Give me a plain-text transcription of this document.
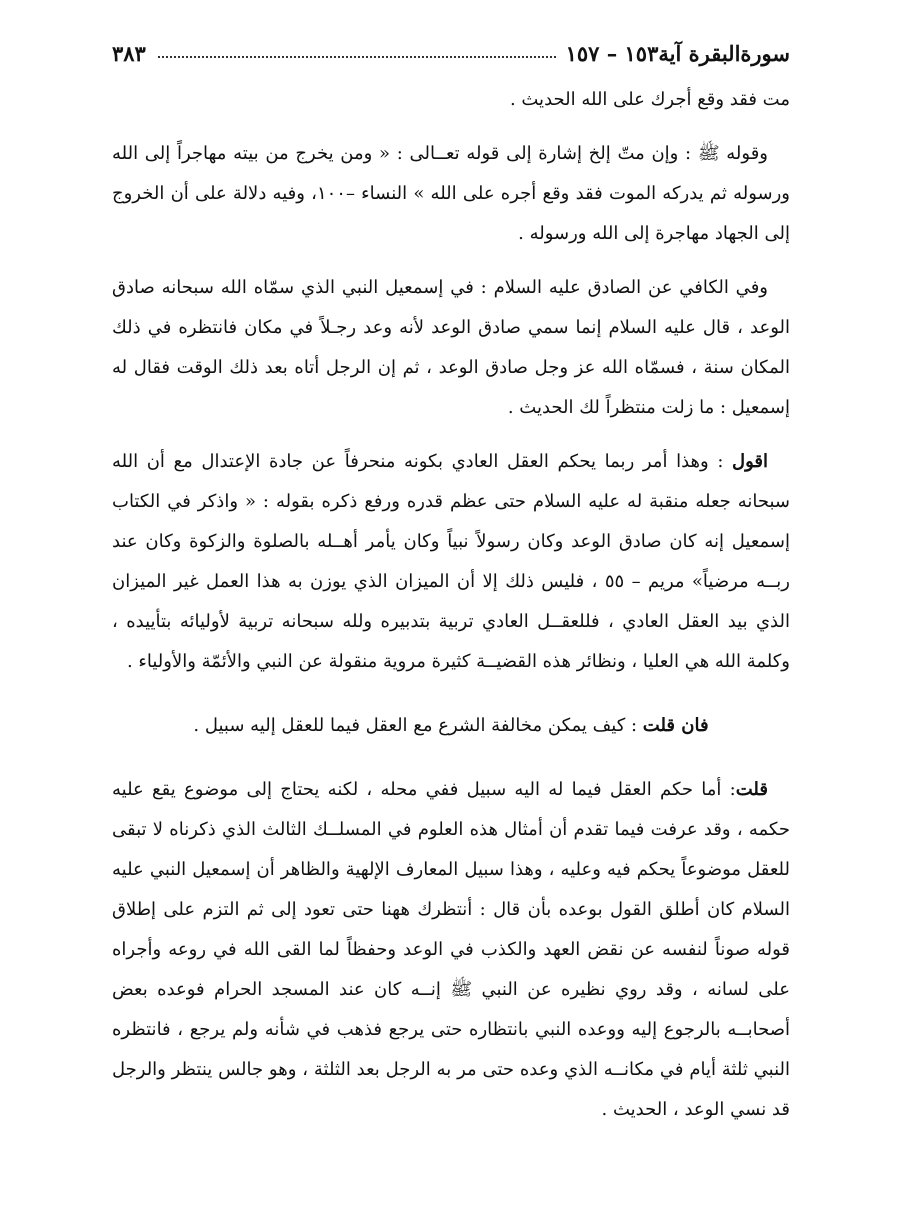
سورةالبقرة آية١٥٣ – ١٥٧
٣٨٣

مت فقد وقع أجرك على الله الحديث .

وقوله ﷺ : وإن متّ إلخ إشارة إلى قوله تعــالى : « ومن يخرج من بيته مهاجراً إلى الله ورسوله ثم يدركه الموت فقد وقع أجره على الله » النساء –١٠٠، وفيه دلالة على أن الخروج إلى الجهاد مهاجرة إلى الله ورسوله .

وفي الكافي عن الصادق عليه السلام : في إسمعيل النبي الذي سمّاه الله سبحانه صادق الوعد ، قال عليه السلام إنما سمي صادق الوعد لأنه وعد رجـلاً في مكان فانتظره في ذلك المكان سنة ، فسمّاه الله عز وجل صادق الوعد ، ثم إن الرجل أتاه بعد ذلك الوقت فقال له إسمعيل : ما زلت منتظراً لك الحديث .

اقول : وهذا أمر ربما يحكم العقل العادي بكونه منحرفاً عن جادة الإعتدال مع أن الله سبحانه جعله منقبة له عليه السلام حتى عظم قدره ورفع ذكره بقوله : « واذكر في الكتاب إسمعيل إنه كان صادق الوعد وكان رسولاً نبياً وكان يأمر أهــله بالصلوة والزكوة وكان عند ربــه مرضياً» مريم – ٥٥ ، فليس ذلك إلا أن الميزان الذي يوزن به هذا العمل غير الميزان الذي بيد العقل العادي ، فللعقــل العادي تربية بتدبيره ولله سبحانه تربية لأوليائه بتأييده ، وكلمة الله هي العليا ، ونظائر هذه القضيــة كثيرة مروية منقولة عن النبي والأئمّة والأولياء .

فان قلت : كيف يمكن مخالفة الشرع مع العقل فيما للعقل إليه سبيل .

قلت: أما حكم العقل فيما له اليه سبيل ففي محله ، لكنه يحتاج إلى موضوع يقع عليه حكمه ، وقد عرفت فيما تقدم أن أمثال هذه العلوم في المسلــك الثالث الذي ذكرناه لا تبقى للعقل موضوعاً يحكم فيه وعليه ، وهذا سبيل المعارف الإلهية والظاهر أن إسمعيل النبي عليه السلام كان أطلق القول بوعده بأن قال : أنتظرك ههنا حتى تعود إلى ثم التزم على إطلاق قوله صوناً لنفسه عن نقض العهد والكذب في الوعد وحفظاً لما القى الله في روعه وأجراه على لسانه ، وقد روي نظيره عن النبي ﷺ إنــه كان عند المسجد الحرام فوعده بعض أصحابــه بالرجوع إليه ووعده النبي بانتظاره حتى يرجع فذهب في شأنه ولم يرجع ، فانتظره النبي ثلثة أيام في مكانــه الذي وعده حتى مر به الرجل بعد الثلثة ، وهو جالس ينتظر والرجل قد نسي الوعد ، الحديث .
